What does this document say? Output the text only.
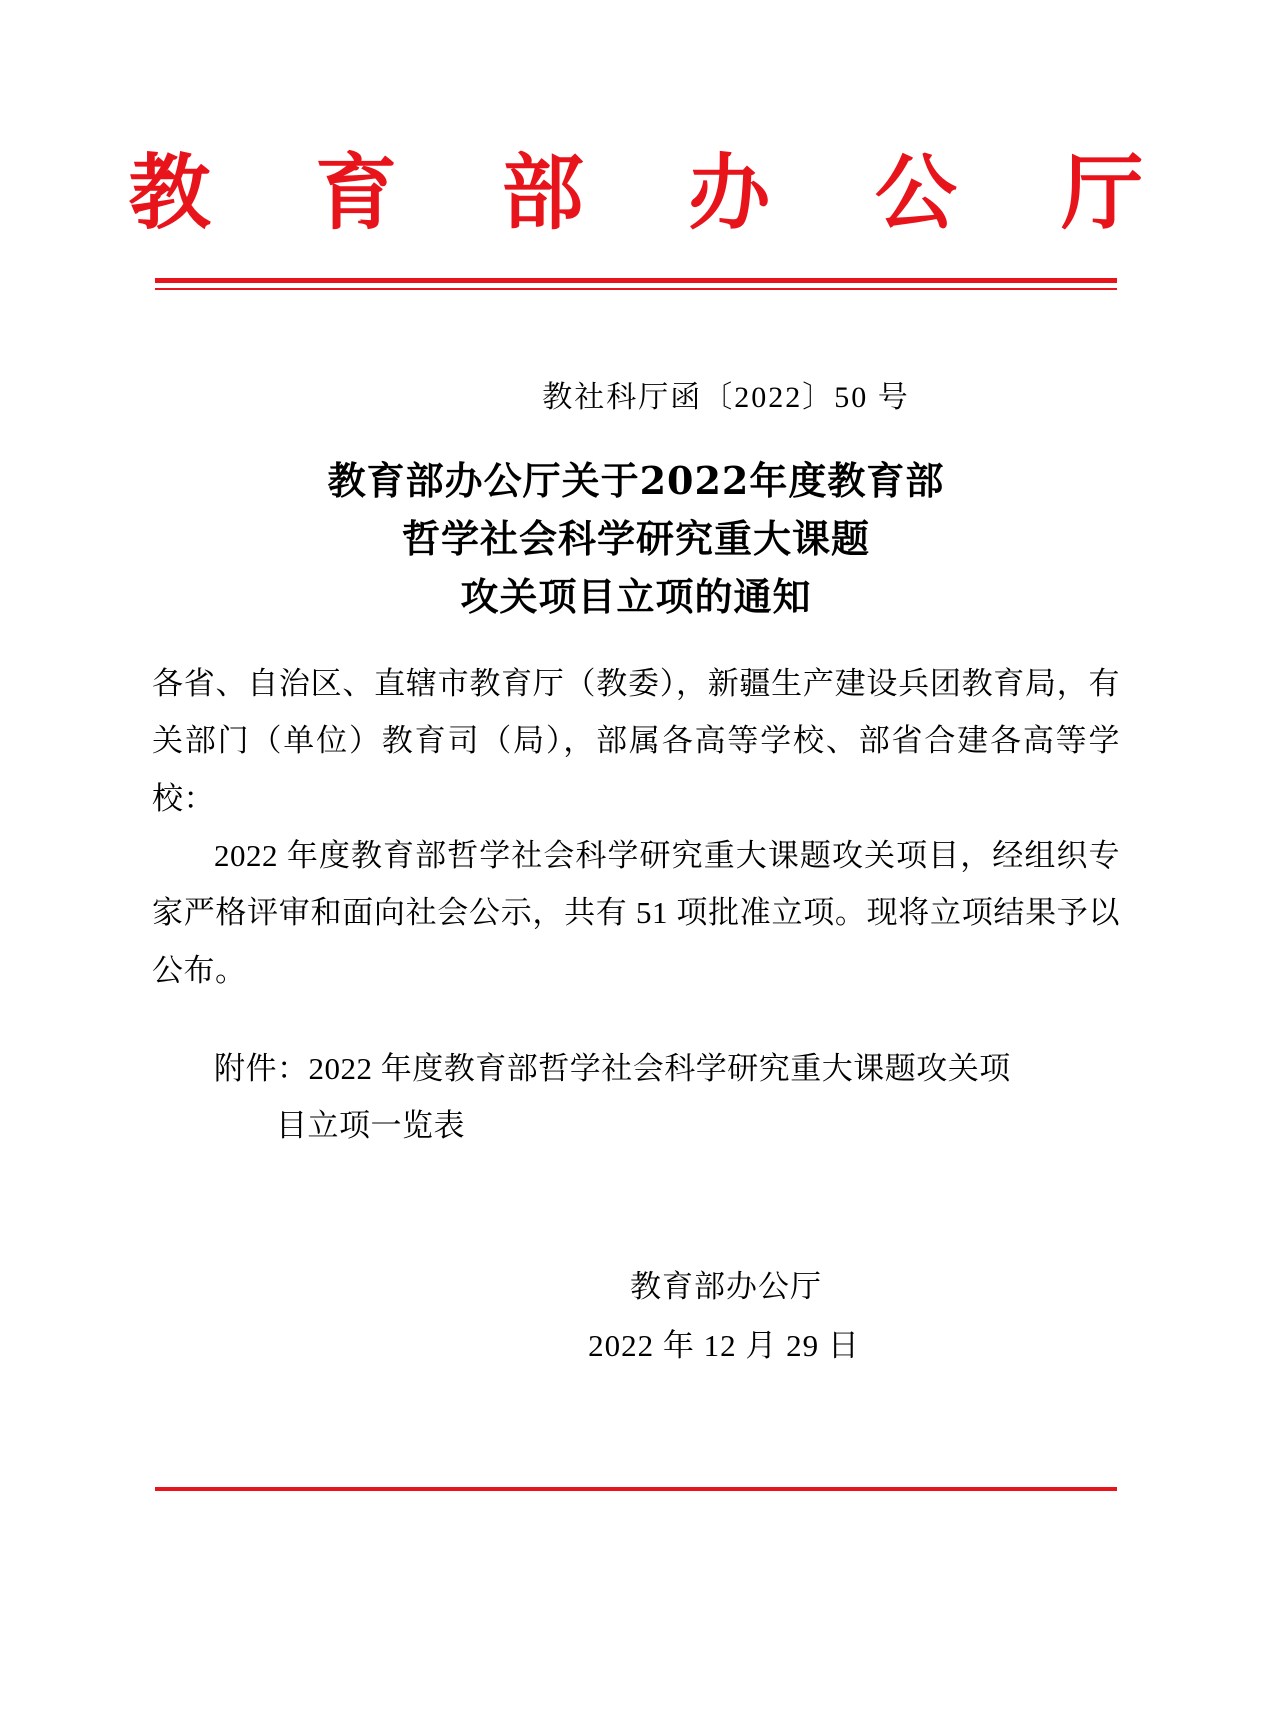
教 育 部 办 公 厅
教社科厅函〔2022〕50 号
教育部办公厅关于2022年度教育部
哲学社会科学研究重大课题
攻关项目立项的通知

各省、自治区、直辖市教育厅（教委），新疆生产建设兵团教育局，有关部门（单位）教育司（局），部属各高等学校、部省合建各高等学校：

2022 年度教育部哲学社会科学研究重大课题攻关项目，经组织专家严格评审和面向社会公示，共有 51 项批准立项。现将立项结果予以公布。

附件：2022 年度教育部哲学社会科学研究重大课题攻关项
目立项一览表
教育部办公厅
2022 年 12 月 29 日
